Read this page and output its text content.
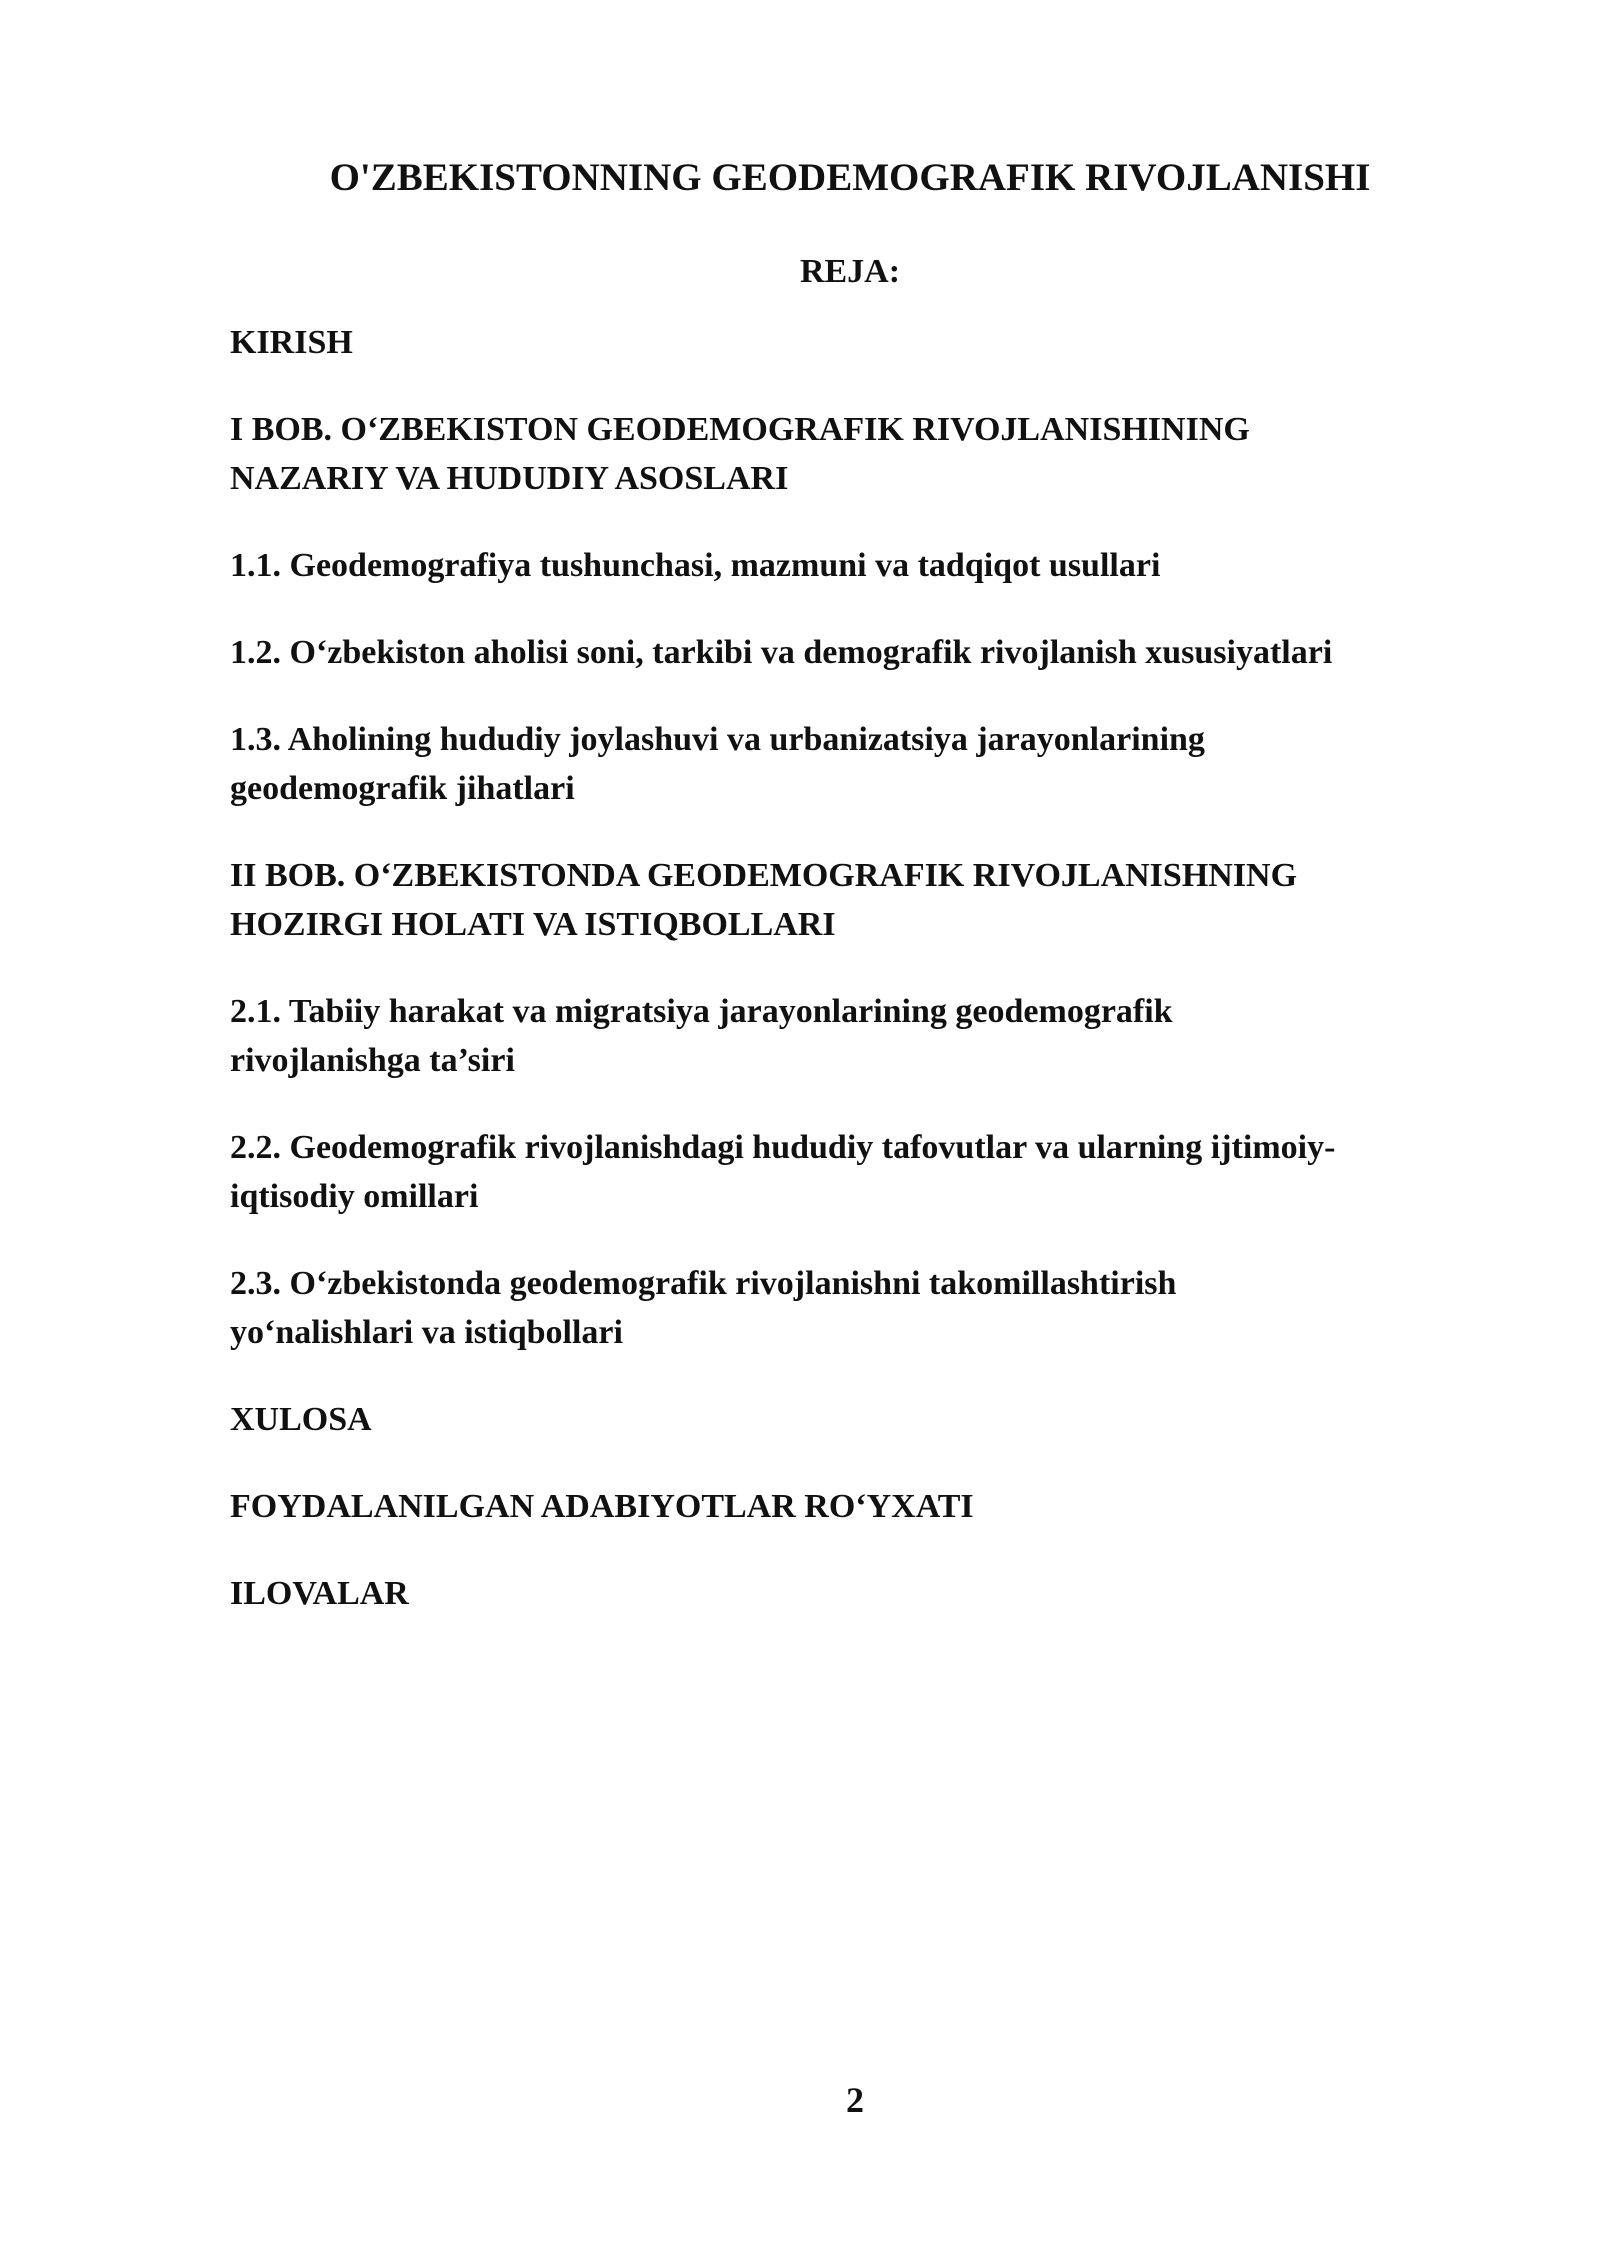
O'ZBEKISTONNING GEODEMOGRAFIK RIVOJLANISHI
REJA:
KIRISH
I BOB. O‘ZBEKISTON GEODEMOGRAFIK RIVOJLANISHINING
NAZARIY VA HUDUDIY ASOSLARI
1.1. Geodemografiya tushunchasi, mazmuni va tadqiqot usullari
1.2. O‘zbekiston aholisi soni, tarkibi va demografik rivojlanish xususiyatlari
1.3. Aholining hududiy joylashuvi va urbanizatsiya jarayonlarining
geodemografik jihatlari
II BOB. O‘ZBEKISTONDA GEODEMOGRAFIK RIVOJLANISHNING
HOZIRGI HOLATI VA ISTIQBOLLARI
2.1. Tabiiy harakat va migratsiya jarayonlarining geodemografik
rivojlanishga ta’siri
2.2. Geodemografik rivojlanishdagi hududiy tafovutlar va ularning ijtimoiy-
iqtisodiy omillari
2.3. O‘zbekistonda geodemografik rivojlanishni takomillashtirish
yo‘nalishlari va istiqbollari
XULOSA
FOYDALANILGAN ADABIYOTLAR RO‘YXATI
ILOVALAR
2
